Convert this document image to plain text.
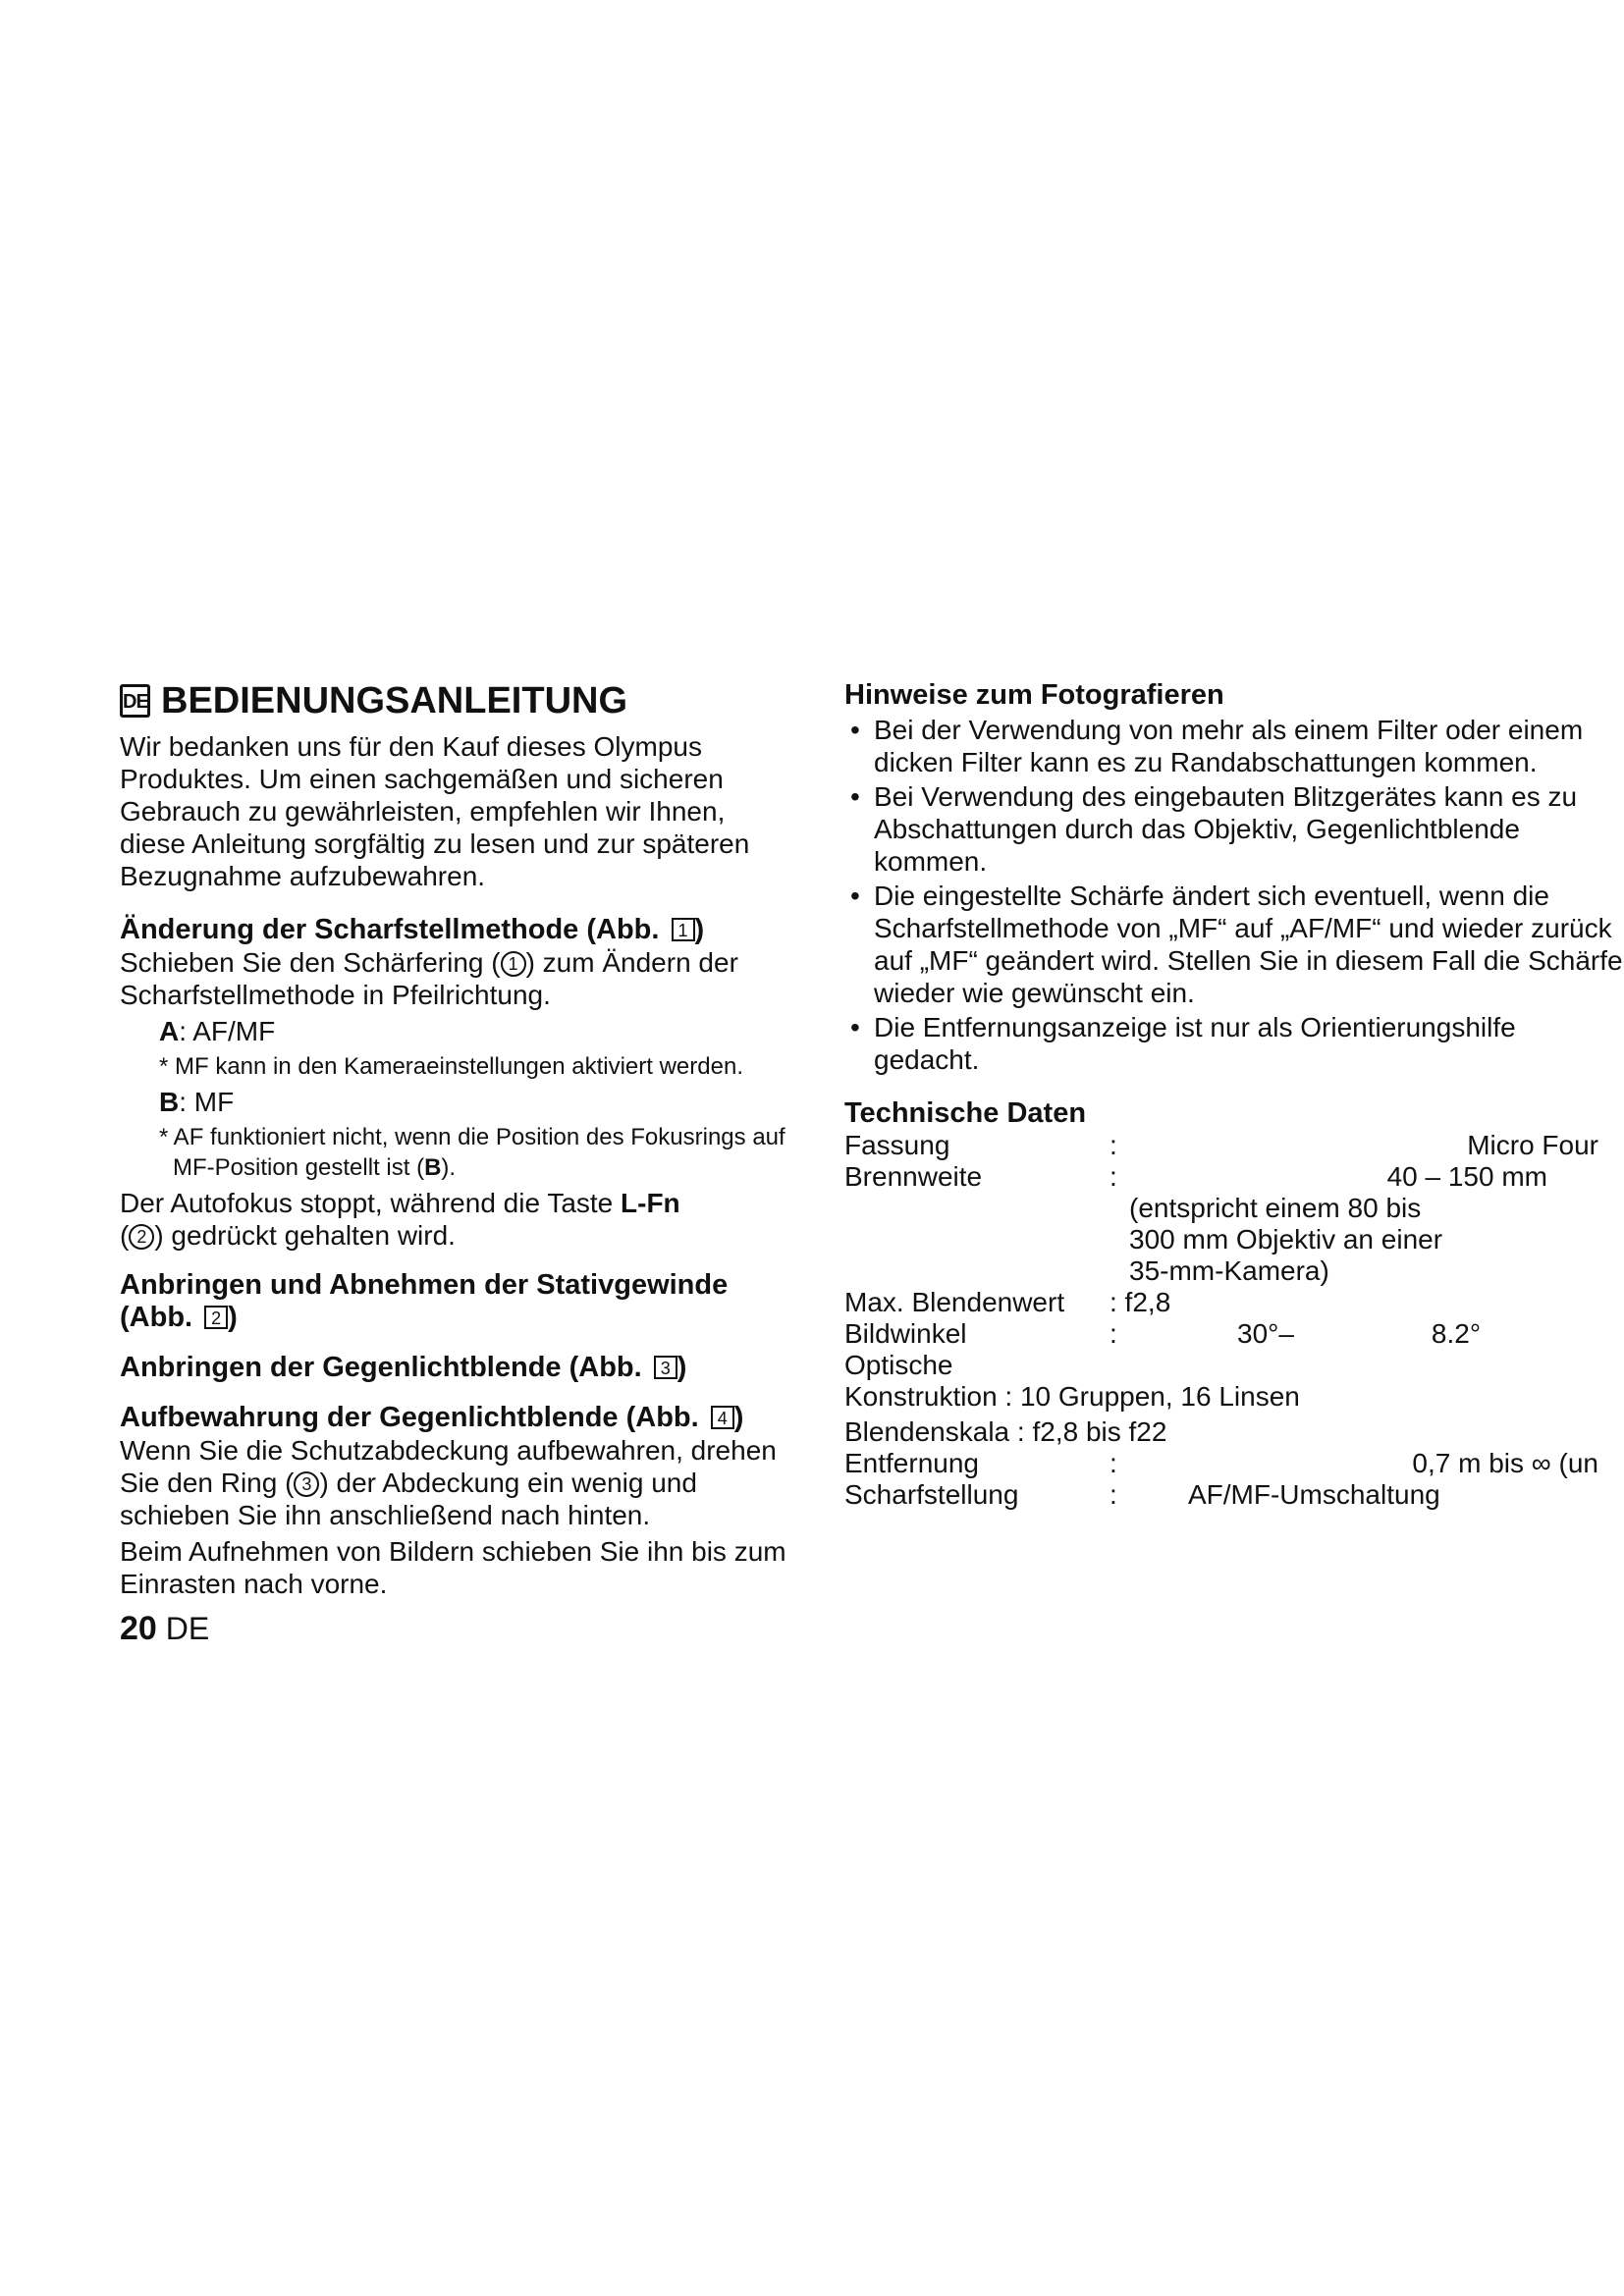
DE BEDIENUNGSANLEITUNG

Wir bedanken uns für den Kauf dieses Olympus Produktes. Um einen sachgemäßen und sicheren Gebrauch zu gewährleisten, empfehlen wir Ihnen, diese Anleitung sorgfältig zu lesen und zur späteren Bezugnahme aufzubewahren.

Änderung der Scharfstellmethode (Abb. 1 )

Schieben Sie den Schärfering ( 1 ) zum Ändern der Scharfstellmethode in Pfeilrichtung.

A: AF/MF

* MF kann in den Kameraeinstellungen aktiviert werden.

B: MF

* AF funktioniert nicht, wenn die Position des Fokusrings auf MF-Position gestellt ist (B).

Der Autofokus stoppt, während die Taste L-Fn
( 2 ) gedrückt gehalten wird.

Anbringen und Abnehmen der Stativgewinde (Abb. 2 )
Anbringen der Gegenlichtblende (Abb. 3 )
Aufbewahrung der Gegenlichtblende (Abb. 4 )

Wenn Sie die Schutzabdeckung aufbewahren, drehen Sie den Ring ( 3 ) der Abdeckung ein wenig und schieben Sie ihn anschließend nach hinten.

Beim Aufnehmen von Bildern schieben Sie ihn bis zum Einrasten nach vorne.

20 DE
Hinweise zum Fotografieren
• Bei der Verwendung von mehr als einem Filter oder einem dicken Filter kann es zu Randabschattungen kommen.
• Bei Verwendung des eingebauten Blitzgerätes kann es zu Abschattungen durch das Objektiv, Gegenlichtblende kommen.
• Die eingestellte Schärfe ändert sich eventuell, wenn die Scharfstellmethode von „MF“ auf „AF/MF“ und wieder zurück auf „MF“ geändert wird. Stellen Sie in diesem Fall die Schärfe wieder wie gewünscht ein.
• Die Entfernungsanzeige ist nur als Orientierungshilfe gedacht.
Technische Daten
Fassung	:	Micro Four
Brennweite	:	40 – 150 mm

(entspricht einem 80 bis 300 mm Objektiv an einer 35-mm-Kamera)

Max. Blendenwert	: f2,8	
Bildwinkel	:	30°– 8.2°
Optische		
Konstruktion : 10 Gruppen, 16 Linsen		
Blendenskala : f2,8 bis f22		
Entfernung	:	0,7 m bis ∞ (un
Scharfstellung	:	AF/MF-Umschaltung
